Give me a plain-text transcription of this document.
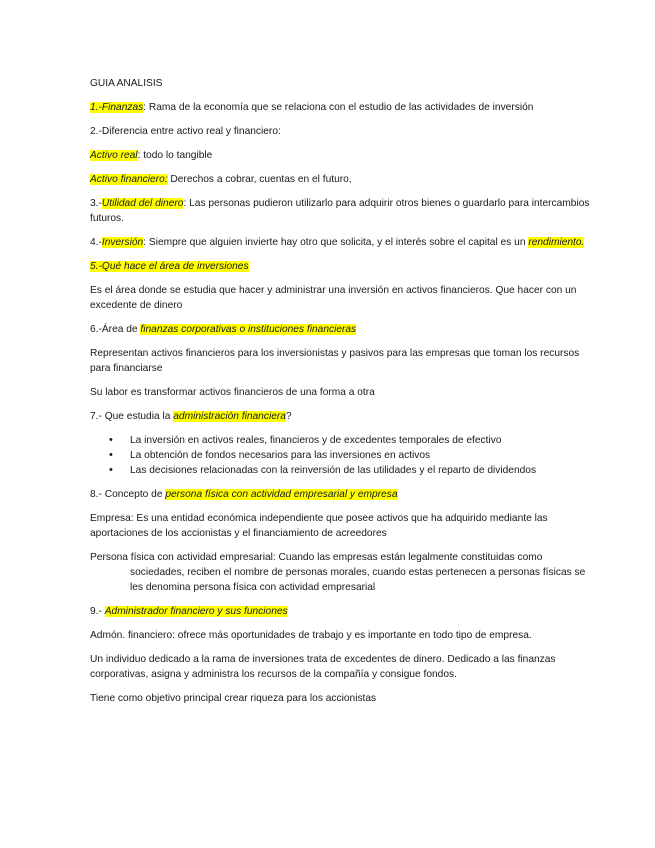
GUIA ANALISIS

1.-Finanzas: Rama de la economía que se relaciona con el estudio de las actividades de inversión

2.-Diferencia entre activo real y financiero:

Activo real: todo lo tangible

Activo financiero: Derechos a cobrar, cuentas en el futuro,

3.-Utilidad del dinero: Las personas pudieron utilizarlo para adquirir otros bienes o guardarlo para intercambios futuros.

4.-Inversión: Siempre que alguien invierte hay otro que solicita, y el interés sobre el capital es un rendimiento.

5.-Qué hace el área de inversiones

Es el área donde se estudia que hacer y administrar una inversión en activos financieros. Que hacer con un excedente de dinero

6.-Área de finanzas corporativas o instituciones financieras

Representan activos financieros para los inversionistas y pasivos para las empresas que toman los recursos para financiarse

Su labor es transformar activos financieros de una forma a otra

7.- Que estudia la administración financiera?

• La inversión en activos reales, financieros y de excedentes temporales de efectivo
• La obtención de fondos necesarios para las inversiones en activos
• Las decisiones relacionadas con la reinversión de las utilidades y el reparto de dividendos

8.- Concepto de persona física con actividad empresarial y empresa

Empresa: Es una entidad económica independiente que posee activos que ha adquirido mediante las aportaciones de los accionistas y el financiamiento de acreedores

Persona física con actividad empresarial: Cuando las empresas están legalmente constituidas como sociedades, reciben el nombre de personas morales, cuando estas pertenecen a personas físicas se les denomina persona física con actividad empresarial

9.- Administrador financiero y sus funciones

Admón. financiero: ofrece más oportunidades de trabajo y es importante en todo tipo de empresa.

Un individuo dedicado a la rama de inversiones trata de excedentes de dinero. Dedicado a las finanzas corporativas, asigna y administra los recursos de la compañía y consigue fondos.

Tiene como objetivo principal crear riqueza para los accionistas
